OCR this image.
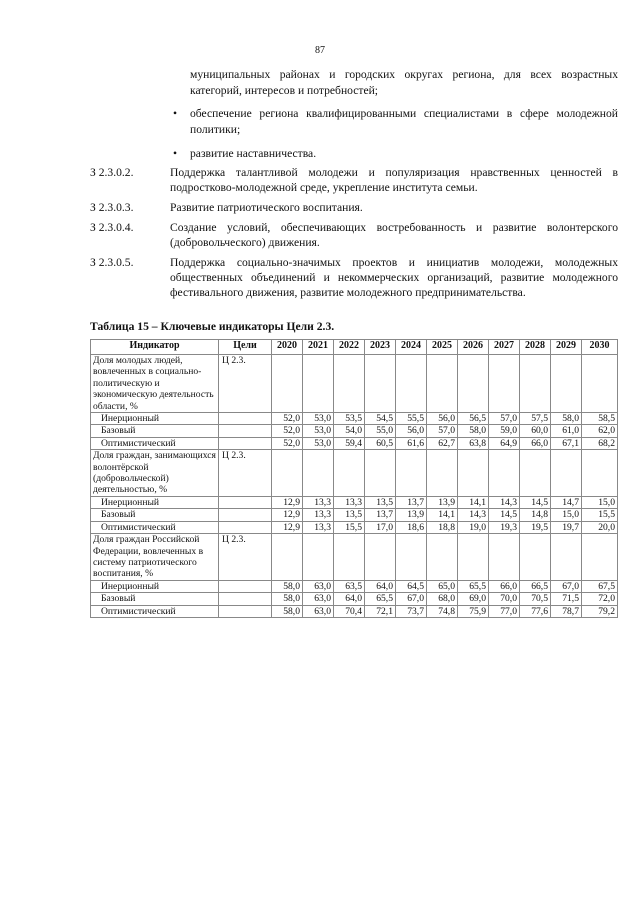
87
муниципальных районах и городских округах региона, для всех возрастных категорий, интересов и потребностей;
• обеспечение региона квалифицированными специалистами в сфере молодежной политики;
• развитие наставничества.
З 2.3.0.2.	Поддержка талантливой молодежи и популяризация нравственных ценностей в подростково-молодежной среде, укрепление института семьи.
З 2.3.0.3.	Развитие патриотического воспитания.
З 2.3.0.4.	Создание условий, обеспечивающих востребованность и развитие волонтерского (добровольческого) движения.
З 2.3.0.5.	Поддержка социально-значимых проектов и инициатив молодежи, молодежных общественных объединений и некоммерческих организаций, развитие молодежного фестивального движения, развитие молодежного предпринимательства.
Таблица 15 – Ключевые индикаторы Цели 2.3.
Индикатор	Цели	2020	2021	2022	2023	2024	2025	2026	2027	2028	2029	2030
Доля молодых людей, вовлеченных в социально-политическую и экономическую деятельность области, %	Ц 2.3.											
Инерционный		52,0	53,0	53,5	54,5	55,5	56,0	56,5	57,0	57,5	58,0	58,5
Базовый		52,0	53,0	54,0	55,0	56,0	57,0	58,0	59,0	60,0	61,0	62,0
Оптимистический		52,0	53,0	59,4	60,5	61,6	62,7	63,8	64,9	66,0	67,1	68,2
Доля граждан, занимающихся волонтёрской (добровольческой) деятельностью, %	Ц 2.3.											
Инерционный		12,9	13,3	13,3	13,5	13,7	13,9	14,1	14,3	14,5	14,7	15,0
Базовый		12,9	13,3	13,5	13,7	13,9	14,1	14,3	14,5	14,8	15,0	15,5
Оптимистический		12,9	13,3	15,5	17,0	18,6	18,8	19,0	19,3	19,5	19,7	20,0
Доля граждан Российской Федерации, вовлеченных в систему патриотического воспитания, %	Ц 2.3.											
Инерционный		58,0	63,0	63,5	64,0	64,5	65,0	65,5	66,0	66,5	67,0	67,5
Базовый		58,0	63,0	64,0	65,5	67,0	68,0	69,0	70,0	70,5	71,5	72,0
Оптимистический		58,0	63,0	70,4	72,1	73,7	74,8	75,9	77,0	77,6	78,7	79,2
